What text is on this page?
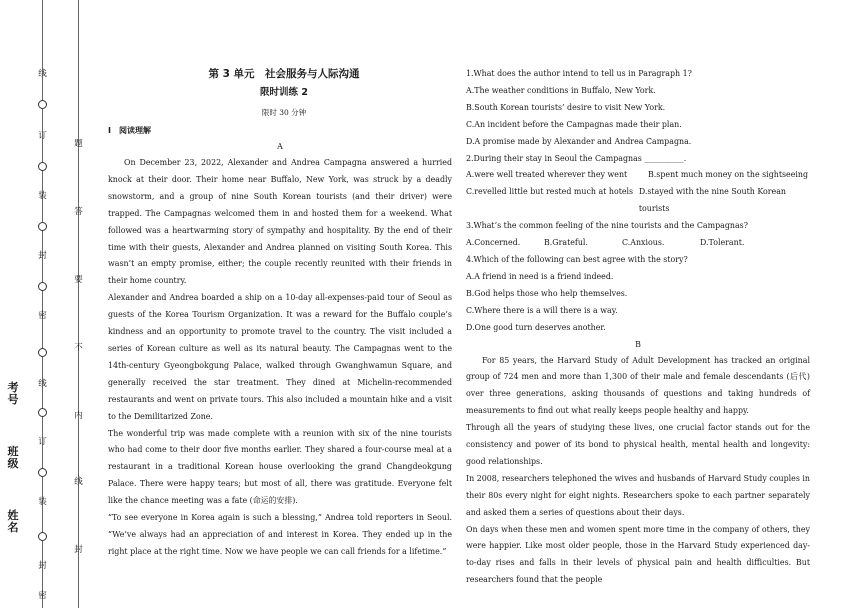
线
订
装
封
密
线
订
装
封
密
题
答
要
不
内
线
封
考号
班级
姓名
第 3 单元　社会服务与人际沟通
限时训练 2
限时 30 分钟
Ⅰ　阅读理解
A

On December 23, 2022, Alexander and Andrea Campagna answered a hurried knock at their door. Their home near Buffalo, New York, was struck by a deadly snowstorm, and a group of nine South Korean tourists (and their driver) were trapped. The Campagnas welcomed them in and hosted them for a weekend. What followed was a heartwarming story of sympathy and hospitality. By the end of their time with their guests, Alexander and Andrea planned on visiting South Korea. This wasn’t an empty promise, either; the couple recently reunited with their friends in their home country.

Alexander and Andrea boarded a ship on a 10-day all-expenses-paid tour of Seoul as guests of the Korea Tourism Organization. It was a reward for the Buffalo couple’s kindness and an opportunity to promote travel to the country. The visit included a series of Korean culture as well as its natural beauty. The Campagnas went to the 14th-century Gyeongbokgung Palace, walked through Gwanghwamun Square, and generally received the star treatment. They dined at Michelin-recommended restaurants and went on private tours. This also included a mountain hike and a visit to the Demilitarized Zone.

The wonderful trip was made complete with a reunion with six of the nine tourists who had come to their door five months earlier. They shared a four-course meal at a restaurant in a traditional Korean house overlooking the grand Changdeokgung Palace. There were happy tears; but most of all, there was gratitude. Everyone felt like the chance meeting was a fate (命运的安排).

“To see everyone in Korea again is such a blessing,” Andrea told reporters in Seoul. “We’ve always had an appreciation of and interest in Korea. They ended up in the right place at the right time. Now we have people we can call friends for a lifetime.”

1.What does the author intend to tell us in Paragraph 1?
A.The weather conditions in Buffalo, New York.
B.South Korean tourists’ desire to visit New York.
C.An incident before the Campagnas made their plan.
D.A promise made by Alexander and Andrea Campagna.
2.During their stay in Seoul the Campagnas __________.
A.were well treated wherever they went	B.spent much money on the sightseeing
C.revelled little but rested much at hotels D.stayed with the nine South Korean tourists
3.What’s the common feeling of the nine tourists and the Campagnas?
A.Concerned.	B.Grateful.	C.Anxious.	D.Tolerant.
4.Which of the following can best agree with the story?
A.A friend in need is a friend indeed.
B.God helps those who help themselves.
C.Where there is a will there is a way.
D.One good turn deserves another.
B

For 85 years, the Harvard Study of Adult Development has tracked an original group of 724 men and more than 1,300 of their male and female descendants (后代) over three generations, asking thousands of questions and taking hundreds of measurements to find out what really keeps people healthy and happy.

Through all the years of studying these lives, one crucial factor stands out for the consistency and power of its bond to physical health, mental health and longevity: good relationships.

In 2008, researchers telephoned the wives and husbands of Harvard Study couples in their 80s every night for eight nights. Researchers spoke to each partner separately and asked them a series of questions about their days.

On days when these men and women spent more time in the company of others, they were happier. Like most older people, those in the Harvard Study experienced day-to-day rises and falls in their levels of physical pain and health difficulties. But researchers found that the people
